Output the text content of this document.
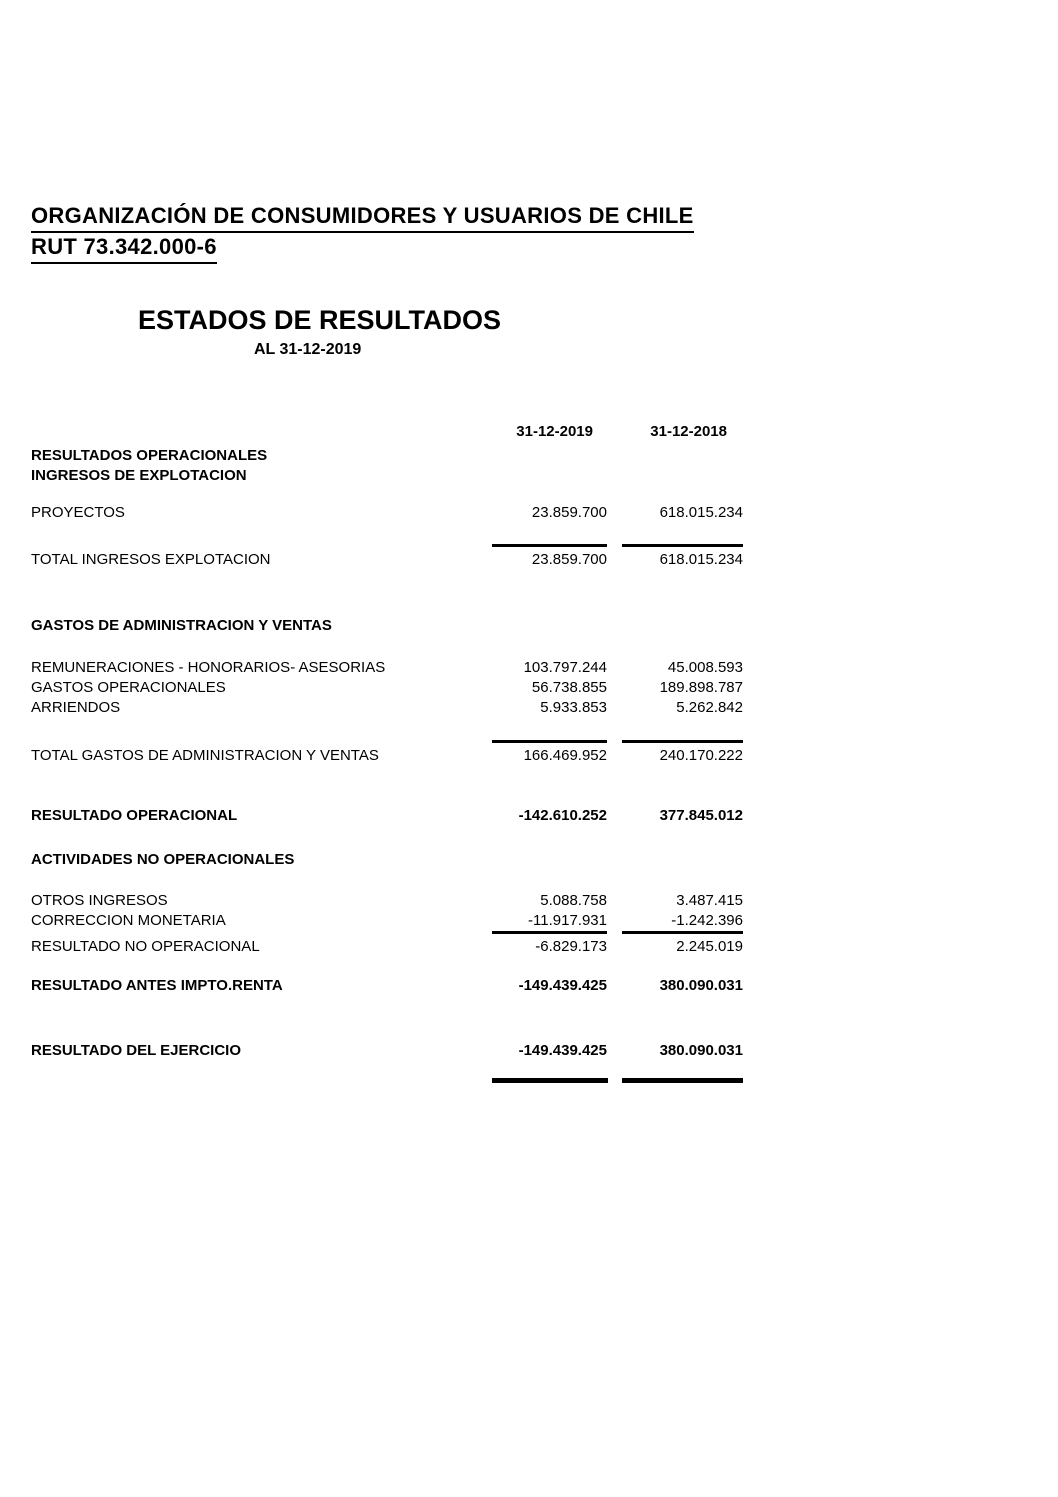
ORGANIZACIÓN DE CONSUMIDORES Y USUARIOS DE CHILE
RUT 73.342.000-6
ESTADOS DE RESULTADOS
AL 31-12-2019
31-12-2019	31-12-2018
RESULTADOS OPERACIONALES
INGRESOS DE EXPLOTACION
PROYECTOS	23.859.700	618.015.234
TOTAL INGRESOS EXPLOTACION	23.859.700	618.015.234
GASTOS DE ADMINISTRACION Y VENTAS
REMUNERACIONES - HONORARIOS- ASESORIAS	103.797.244	45.008.593
GASTOS OPERACIONALES	56.738.855	189.898.787
ARRIENDOS	5.933.853	5.262.842
TOTAL GASTOS DE ADMINISTRACION Y VENTAS	166.469.952	240.170.222
RESULTADO OPERACIONAL	-142.610.252	377.845.012
ACTIVIDADES NO OPERACIONALES
OTROS INGRESOS	5.088.758	3.487.415
CORRECCION MONETARIA	-11.917.931	-1.242.396
RESULTADO NO OPERACIONAL	-6.829.173	2.245.019
RESULTADO ANTES IMPTO.RENTA	-149.439.425	380.090.031
RESULTADO DEL EJERCICIO	-149.439.425	380.090.031
